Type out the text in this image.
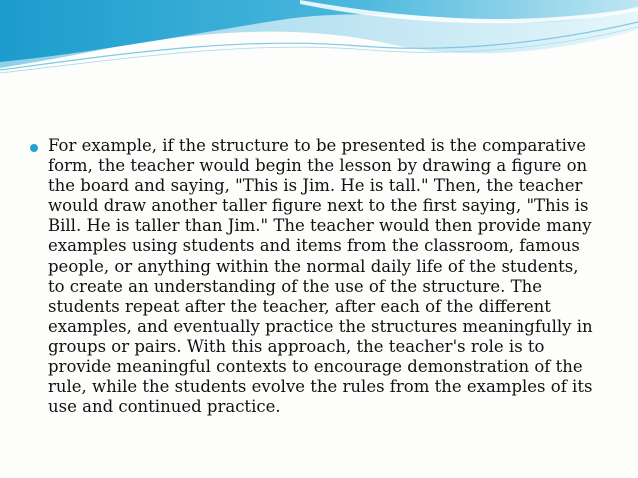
For example, if the structure to be presented is the comparative
form, the teacher would begin the lesson by drawing a figure on
the board and saying, "This is Jim. He is tall." Then, the teacher
would draw another taller figure next to the first saying, "This is
Bill. He is taller than Jim." The teacher would then provide many
examples using students and items from the classroom, famous
people, or anything within the normal daily life of the students,
to create an understanding of the use of the structure. The
students repeat after the teacher, after each of the different
examples, and eventually practice the structures meaningfully in
groups or pairs. With this approach, the teacher's role is to
provide meaningful contexts to encourage demonstration of the
rule, while the students evolve the rules from the examples of its
use and continued practice.
